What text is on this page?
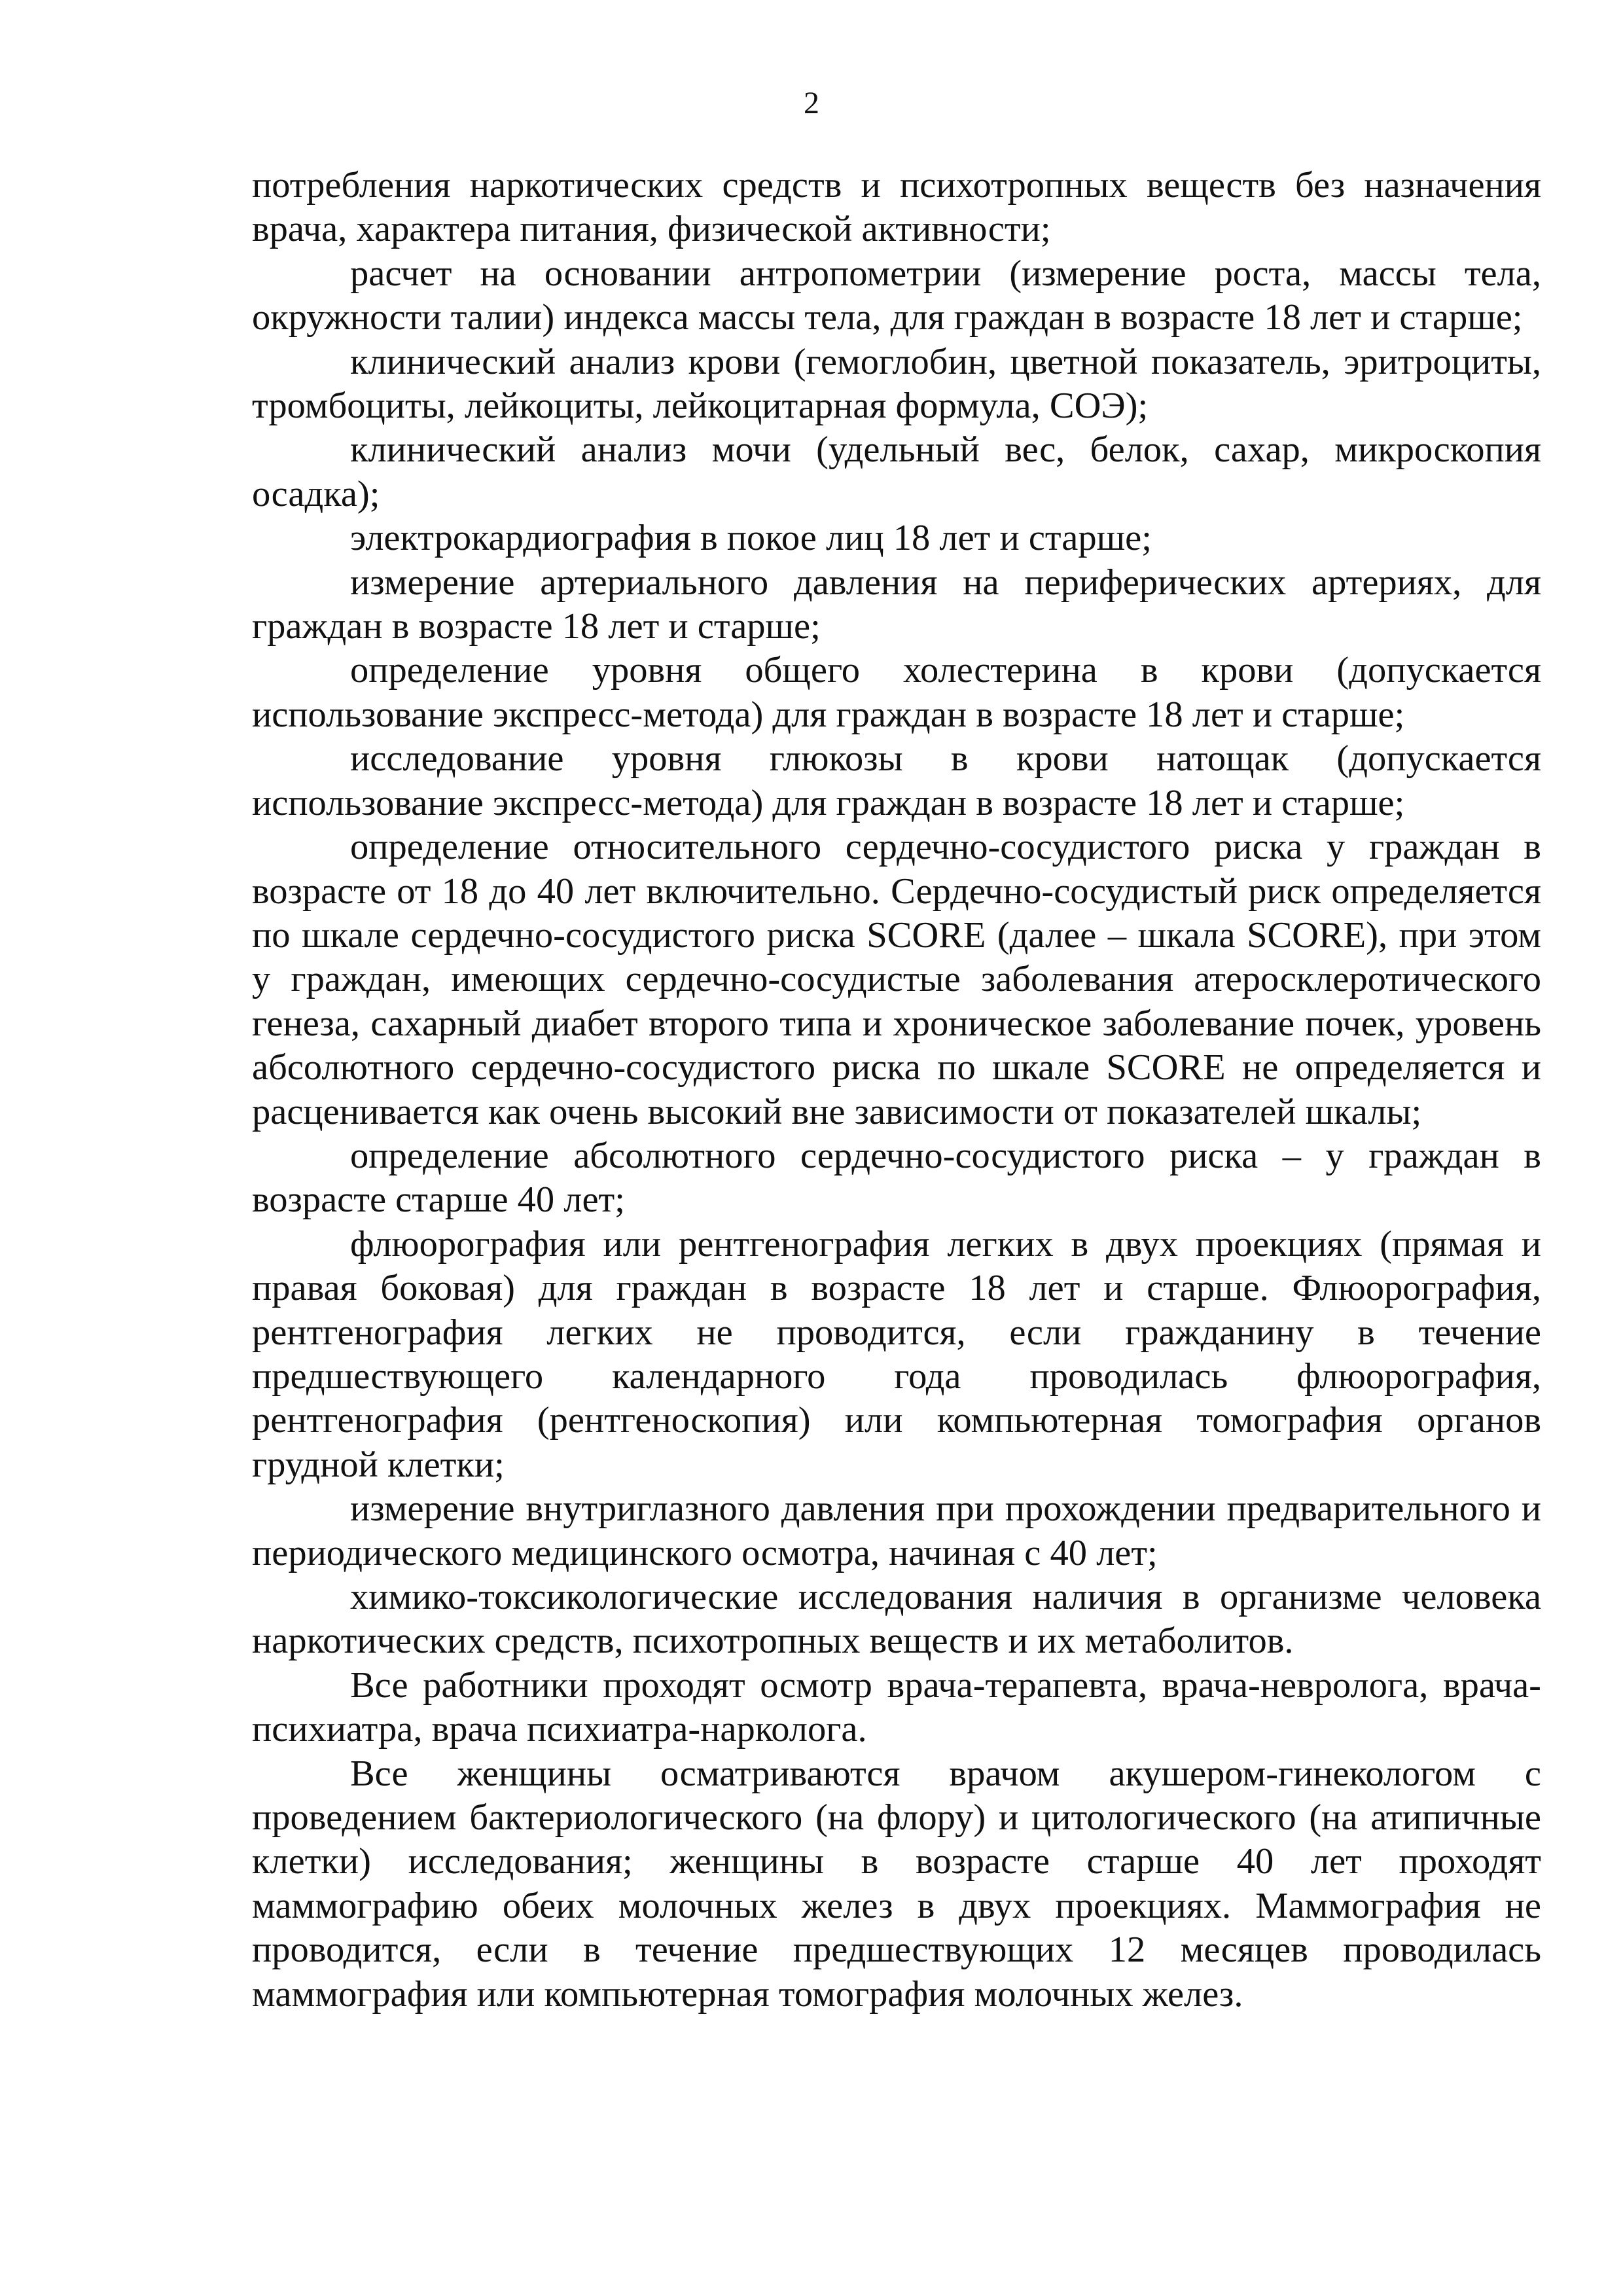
2

потребления наркотических средств и психотропных веществ без назначения врача, характера питания, физической активности;

расчет на основании антропометрии (измерение роста, массы тела, окружности талии) индекса массы тела, для граждан в возрасте 18 лет и старше;

клинический анализ крови (гемоглобин, цветной показатель, эритроциты, тромбоциты, лейкоциты, лейкоцитарная формула, СОЭ);

клинический анализ мочи (удельный вес, белок, сахар, микроскопия осадка);

электрокардиография в покое лиц 18 лет и старше;

измерение артериального давления на периферических артериях, для граждан в возрасте 18 лет и старше;

определение уровня общего холестерина в крови (допускается использование экспресс-метода) для граждан в возрасте 18 лет и старше;

исследование уровня глюкозы в крови натощак (допускается использование экспресс-метода) для граждан в возрасте 18 лет и старше;

определение относительного сердечно-сосудистого риска у граждан в возрасте от 18 до 40 лет включительно. Сердечно-сосудистый риск определяется по шкале сердечно-сосудистого риска SCORE (далее – шкала SCORE), при этом у граждан, имеющих сердечно-сосудистые заболевания атеросклеротического генеза, сахарный диабет второго типа и хроническое заболевание почек, уровень абсолютного сердечно-сосудистого риска по шкале SCORE не определяется и расценивается как очень высокий вне зависимости от показателей шкалы;

определение абсолютного сердечно-сосудистого риска – у граждан в возрасте старше 40 лет;

флюорография или рентгенография легких в двух проекциях (прямая и правая боковая) для граждан в возрасте 18 лет и старше. Флюорография, рентгенография легких не проводится, если гражданину в течение предшествующего календарного года проводилась флюорография, рентгенография (рентгеноскопия) или компьютерная томография органов грудной клетки;

измерение внутриглазного давления при прохождении предварительного и периодического медицинского осмотра, начиная с 40 лет;

химико-токсикологические исследования наличия в организме человека наркотических средств, психотропных веществ и их метаболитов.

Все работники проходят осмотр врача-терапевта, врача-невролога, врача-психиатра, врача психиатра-нарколога.

Все женщины осматриваются врачом акушером-гинекологом с проведением бактериологического (на флору) и цитологического (на атипичные клетки) исследования; женщины в возрасте старше 40 лет проходят маммографию обеих молочных желез в двух проекциях. Маммография не проводится, если в течение предшествующих 12 месяцев проводилась маммография или компьютерная томография молочных желез.
